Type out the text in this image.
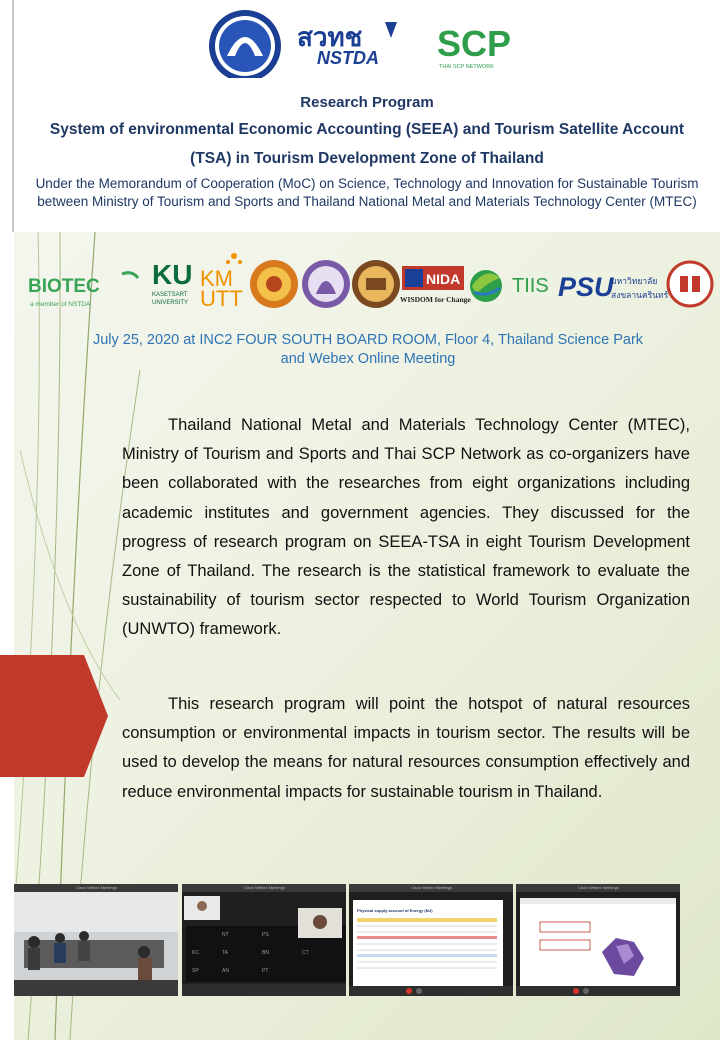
สวทช
NSTDA SCP
THAI SCP NETWORK
Research Program
System of environmental Economic Accounting (SEEA) and Tourism Satellite Account
(TSA) in Tourism Development Zone of Thailand
Under the Memorandum of Cooperation (MoC) on Science, Technology and Innovation for Sustainable Tourism between Ministry of Tourism and Sports and Thailand National Metal and Materials Technology Center (MTEC)
BIOTEC
a member of NSTDA
KU
KASETSART
UNIVERSITY
KM
UTT
NIDA
WISDOM for Change
TIIS PSU
มหาวิทยาลัย
สงขลานครินทร์
July 25, 2020 at INC2 FOUR SOUTH BOARD ROOM, Floor 4, Thailand Science Park
and Webex Online Meeting
Thailand National Metal and Materials Technology Center (MTEC), Ministry of Tourism and Sports and Thai SCP Network as co-organizers have been collaborated with the researches from eight organizations including academic institutes and government agencies. They discussed for the progress of research program on SEEA-TSA in eight Tourism Development Zone of Thailand. The research is the statistical framework to evaluate the sustainability of tourism sector respected to World Tourism Organization (UNWTO) framework.
This research program will point the hotspot of natural resources consumption or environmental impacts in tourism sector. The results will be used to develop the means for natural resources consumption effectively and reduce environmental impacts for sustainable tourism in Thailand.
Cisco Webex Meetings	Cisco Webex Meetings
NT	PS
KC	TA	BN	CT
SP	AN	PT
Cisco Webex Meetings
Physical supply account of Energy (MJ)
Cisco Webex Meetings
